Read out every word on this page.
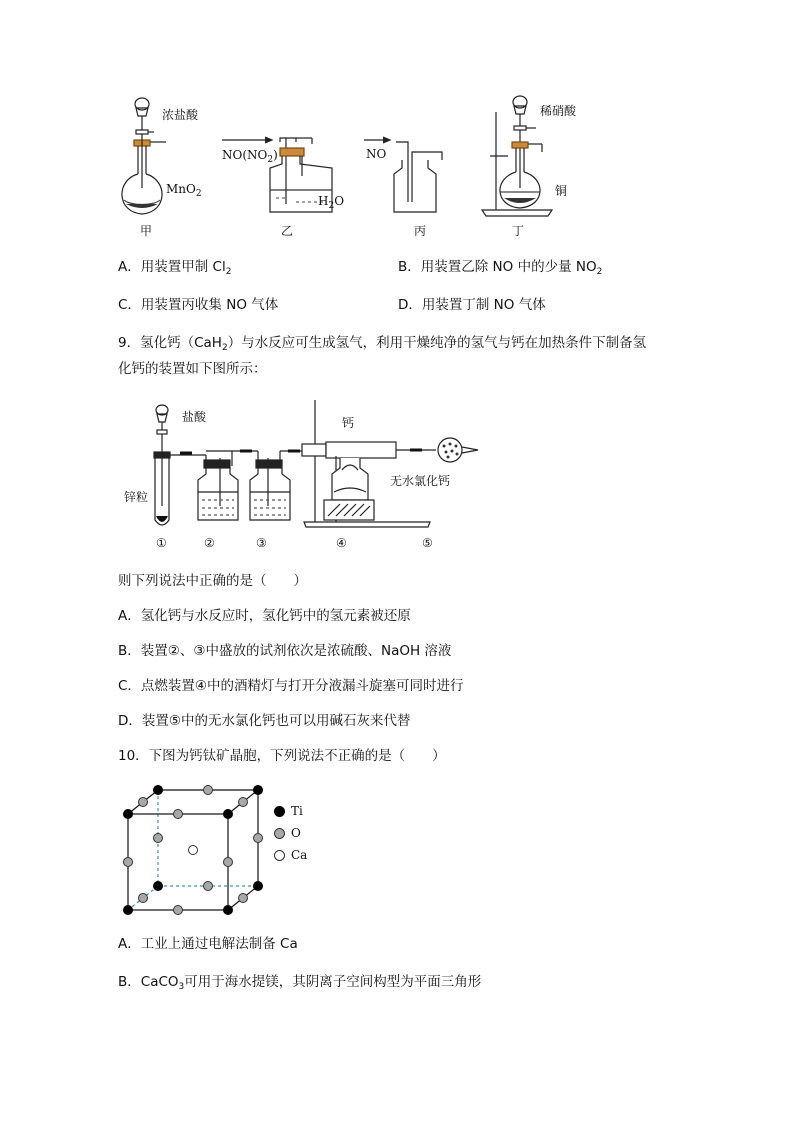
浓盐酸
MnO$_2$
$NO(NO_2)$
$H_2O$
NO
稀硝酸
铜
甲	乙	丙	丁
A．用装置甲制 $Cl_2$	B．用装置乙除 NO 中的少量 $NO_2$
C．用装置丙收集 NO 气体	D．用装置丁制 NO 气体
9．氢化钙（CaH$_2$）与水反应可生成氢气，利用干燥纯净的氢气与钙在加热条件下制备氢
化钙的装置如下图所示：
盐酸
锌粒
钙
无水氯化钙
①	②	③	④	⑤
则下列说法中正确的是（　　）
A．氢化钙与水反应时，氢化钙中的氢元素被还原
B．装置②、③中盛放的试剂依次是浓硫酸、NaOH 溶液
C．点燃装置④中的酒精灯与打开分液漏斗旋塞可同时进行
D．装置⑤中的无水氯化钙也可以用碱石灰来代替
10．下图为钙钛矿晶胞，下列说法不正确的是（　　）
Ti
O
Ca
A．工业上通过电解法制备 Ca
B．CaCO$_3$可用于海水提镁，其阴离子空间构型为平面三角形
